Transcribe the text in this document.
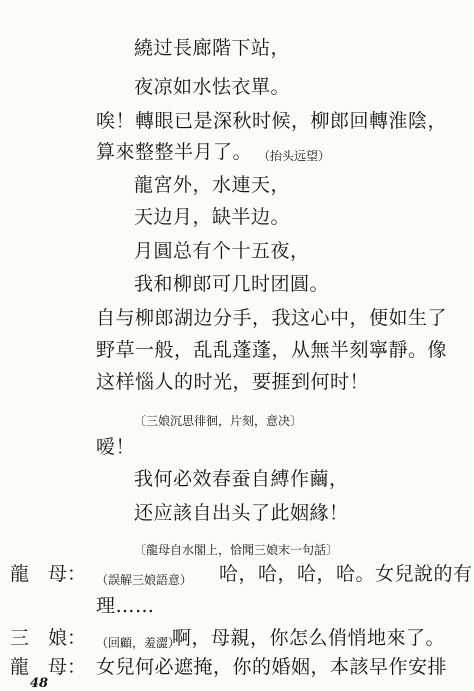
繞过長廊階下站，
夜凉如水怯衣單。
唉！轉眼已是深秋时候，柳郎回轉淮陰，
算來整整半月了。 （抬头远望）
龍宮外，水連天，
天边月，缺半边。
月圓总有个十五夜，
我和柳郎可几时团圓。
自与柳郎湖边分手，我这心中，便如生了
野草一般，乱乱蓬蓬，从無半刻寧靜。像
这样惱人的时光，要捱到何时！
〔三娘沉思徘徊，片刻，意决〕
嗳！
我何必效春蚕自縛作繭，
还应該自出头了此姻緣！
〔龍母自水閣上，恰聞三娘末一句話〕
龍 母： （誤解三娘語意） 哈，哈，哈，哈。女兒說的有
理……
三 娘： （回顧，羞澀）
啊，母親，你怎么俏悄地來了。
龍 母： 女兒何必遮掩，你的婚姻，本該早作安排
48
